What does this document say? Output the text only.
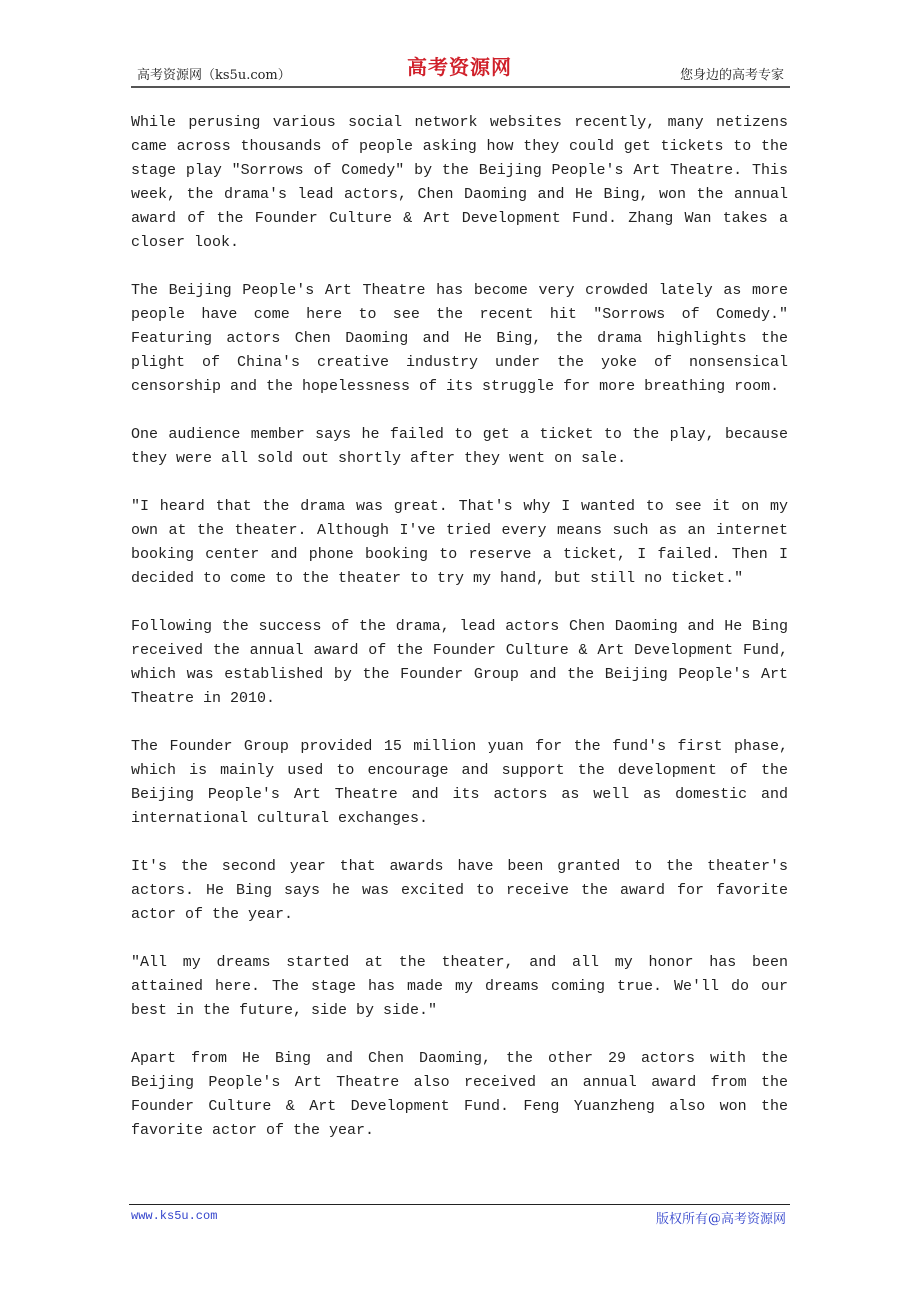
高考资源网（ks5u.com）	高考资源网	您身边的高考专家

While perusing various social network websites recently, many netizens came across thousands of people asking how they could get tickets to the stage play "Sorrows of Comedy" by the Beijing People's Art Theatre. This week, the drama's lead actors, Chen Daoming and He Bing, won the annual award of the Founder Culture & Art Development Fund. Zhang Wan takes a closer look.

The Beijing People's Art Theatre has become very crowded lately as more people have come here to see the recent hit "Sorrows of Comedy." Featuring actors Chen Daoming and He Bing, the drama highlights the plight of China's creative industry under the yoke of nonsensical censorship and the hopelessness of its struggle for more breathing room.

One audience member says he failed to get a ticket to the play, because they were all sold out shortly after they went on sale.

"I heard that the drama was great. That's why I wanted to see it on my own at the theater. Although I've tried every means such as an internet booking center and phone booking to reserve a ticket, I failed. Then I decided to come to the theater to try my hand, but still no ticket."

Following the success of the drama, lead actors Chen Daoming and He Bing received the annual award of the Founder Culture & Art Development Fund, which was established by the Founder Group and the Beijing People's Art Theatre in 2010.

The Founder Group provided 15 million yuan for the fund's first phase, which is mainly used to encourage and support the development of the Beijing People's Art Theatre and its actors as well as domestic and international cultural exchanges.

It's the second year that awards have been granted to the theater's actors. He Bing says he was excited to receive the award for favorite actor of the year.

"All my dreams started at the theater, and all my honor has been attained here. The stage has made my dreams coming true. We'll do our best in the future, side by side."

Apart from He Bing and Chen Daoming, the other 29 actors with the Beijing People's Art Theatre also received an annual award from the Founder Culture & Art Development Fund. Feng Yuanzheng also won the favorite actor of the year.

www.ks5u.com	版权所有@高考资源网
